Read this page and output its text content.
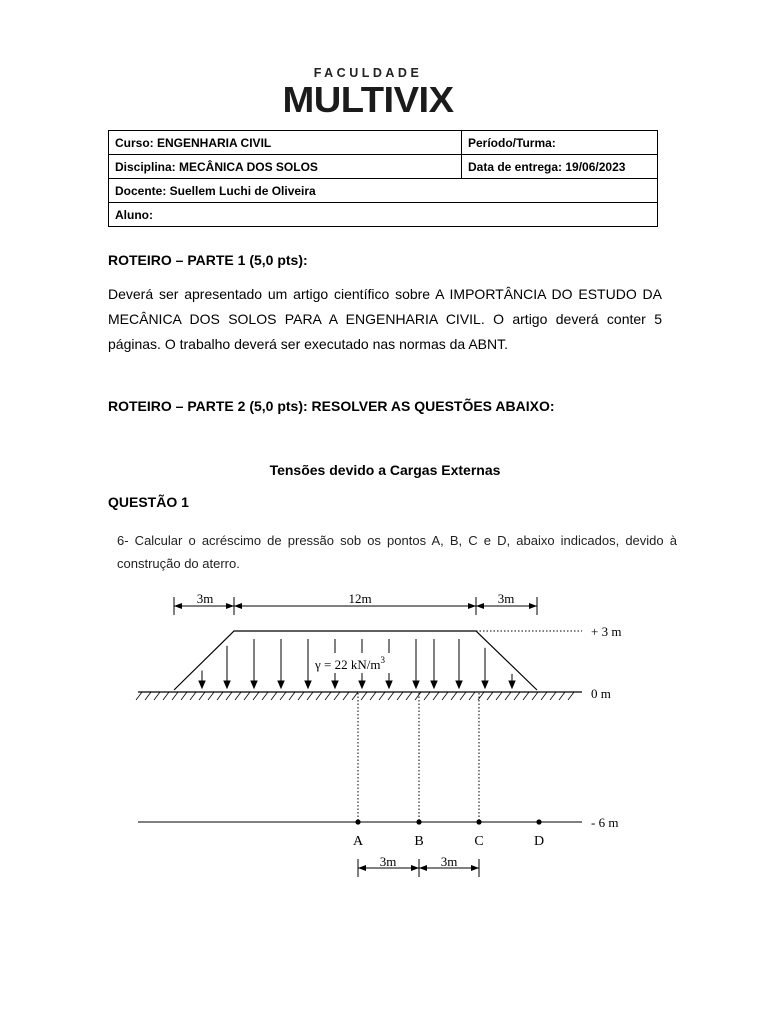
FACULDADE
MULTIVIX
Curso: ENGENHARIA CIVIL	Período/Turma:
Disciplina: MECÂNICA DOS SOLOS	Data de entrega: 19/06/2023
Docente: Suellem Luchi de Oliveira	
Aluno:	
ROTEIRO – PARTE 1 (5,0 pts):
Deverá ser apresentado um artigo científico sobre A IMPORTÂNCIA DO ESTUDO DA MECÂNICA DOS SOLOS PARA A ENGENHARIA CIVIL. O artigo deverá conter 5 páginas. O trabalho deverá ser executado nas normas da ABNT.
ROTEIRO – PARTE 2 (5,0 pts): RESOLVER AS QUESTÕES ABAIXO:
Tensões devido a Cargas Externas
QUESTÃO 1
6- Calcular o acréscimo de pressão sob os pontos A, B, C e D, abaixo indicados, devido à construção do aterro.
3m	12m	3m
+ 3 m
0 m
γ = 22 $kN/m^3$
- 6 m
A	B	C	D
3m	3m
